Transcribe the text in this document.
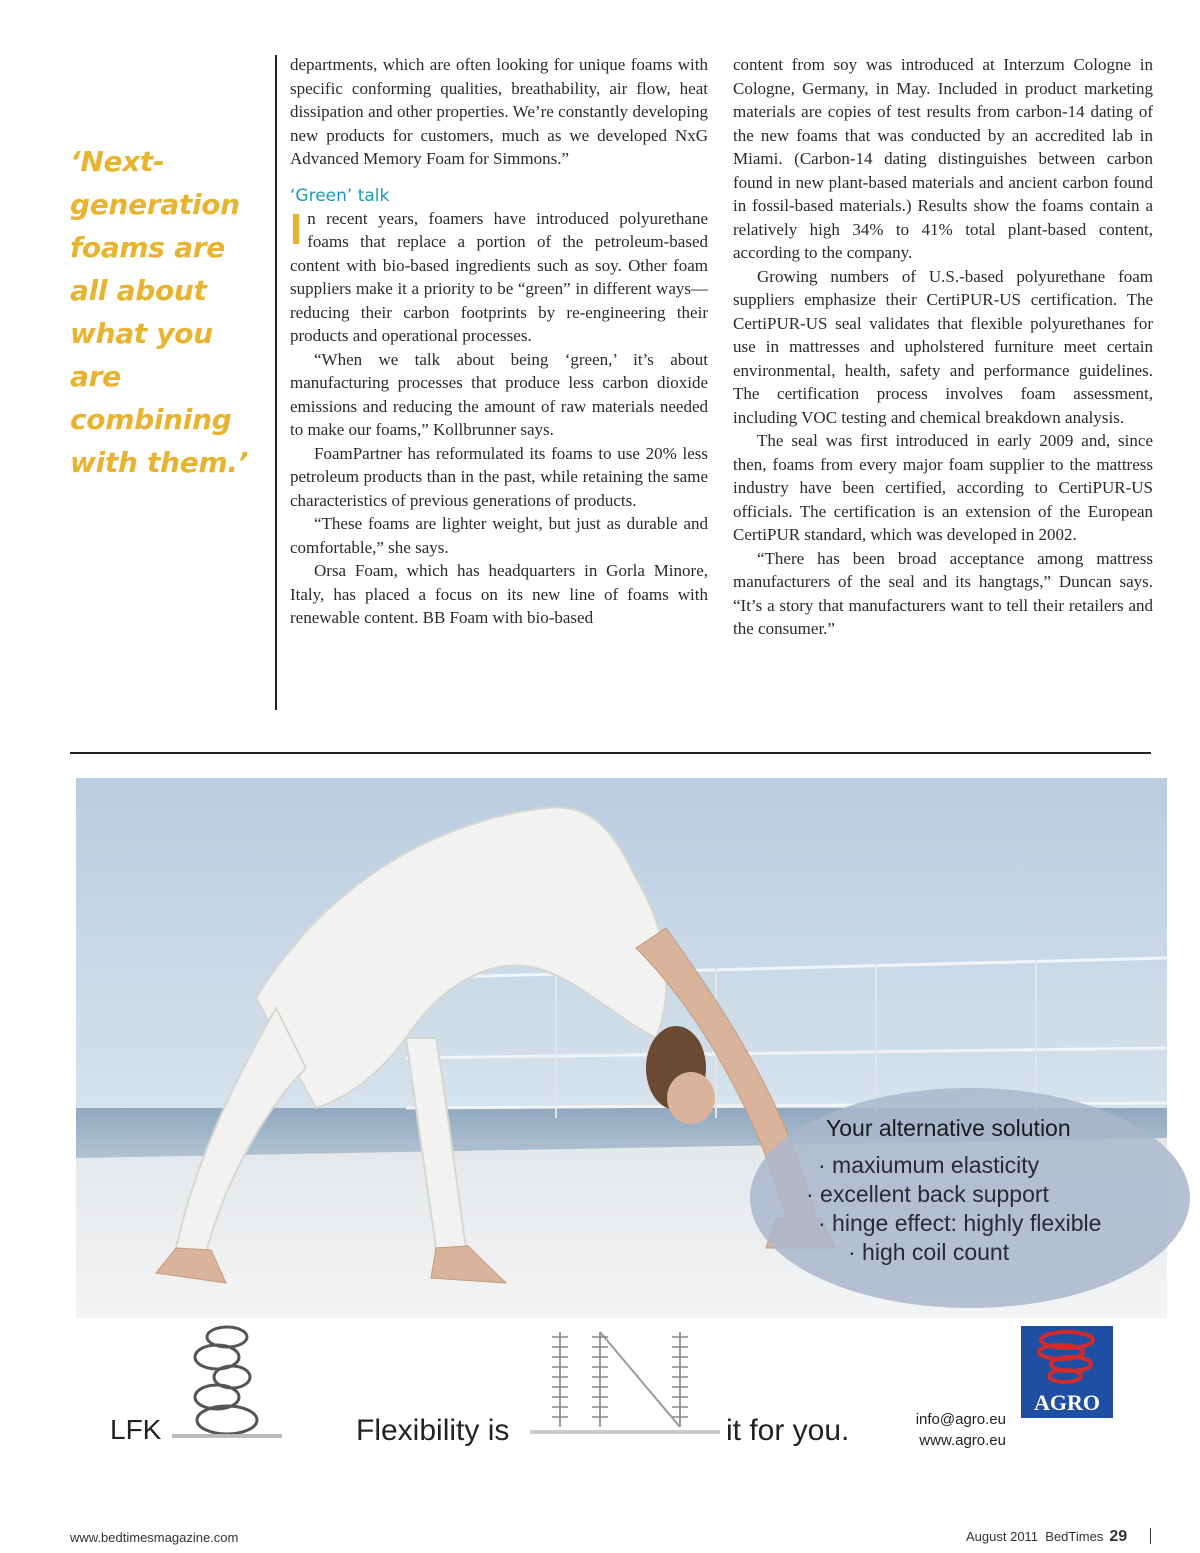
‘Next-generation foams are all about what you are combining with them.’

departments, which are often looking for unique foams with specific conforming qualities, breathability, air flow, heat dissipation and other properties. We’re constantly developing new products for customers, much as we developed NxG Advanced Memory Foam for Simmons.”

‘Green’ talk

In recent years, foamers have introduced polyurethane foams that replace a portion of the petroleum-based content with bio-based ingredients such as soy. Other foam suppliers make it a priority to be “green” in different ways—reducing their carbon footprints by re-engineering their products and operational processes.

“When we talk about being ‘green,’ it’s about manufacturing processes that produce less carbon dioxide emissions and reducing the amount of raw materials needed to make our foams,” Kollbrunner says.

FoamPartner has reformulated its foams to use 20% less petroleum products than in the past, while retaining the same characteristics of previous generations of products.

“These foams are lighter weight, but just as durable and comfortable,” she says.

Orsa Foam, which has headquarters in Gorla Minore, Italy, has placed a focus on its new line of foams with renewable content. BB Foam with bio-based

content from soy was introduced at Interzum Cologne in Cologne, Germany, in May. Included in product marketing materials are copies of test results from carbon-14 dating of the new foams that was conducted by an accredited lab in Miami. (Carbon-14 dating distinguishes between carbon found in new plant-based materials and ancient carbon found in fossil-based materials.) Results show the foams contain a relatively high 34% to 41% total plant-based content, according to the company.

Growing numbers of U.S.-based polyurethane foam suppliers emphasize their CertiPUR-US certification. The CertiPUR-US seal validates that flexible polyurethanes for use in mattresses and upholstered furniture meet certain environmental, health, safety and performance guidelines. The certification process involves foam assessment, including VOC testing and chemical breakdown analysis.

The seal was first introduced in early 2009 and, since then, foams from every major foam supplier to the mattress industry have been certified, according to CertiPUR-US officials. The certification is an extension of the European CertiPUR standard, which was developed in 2002.

“There has been broad acceptance among mattress manufacturers of the seal and its hangtags,” Duncan says. “It’s a story that manufacturers want to tell their retailers and the consumer.”

Your alternative solution
· maxiumum elasticity
· excellent back support
· hinge effect: highly flexible
· high coil count
LFK	Flexibility is	it for you.	info@agro.eu
www.agro.eu
AGRO
www.bedtimesmagazine.com	August 2011 BedTimes 29
